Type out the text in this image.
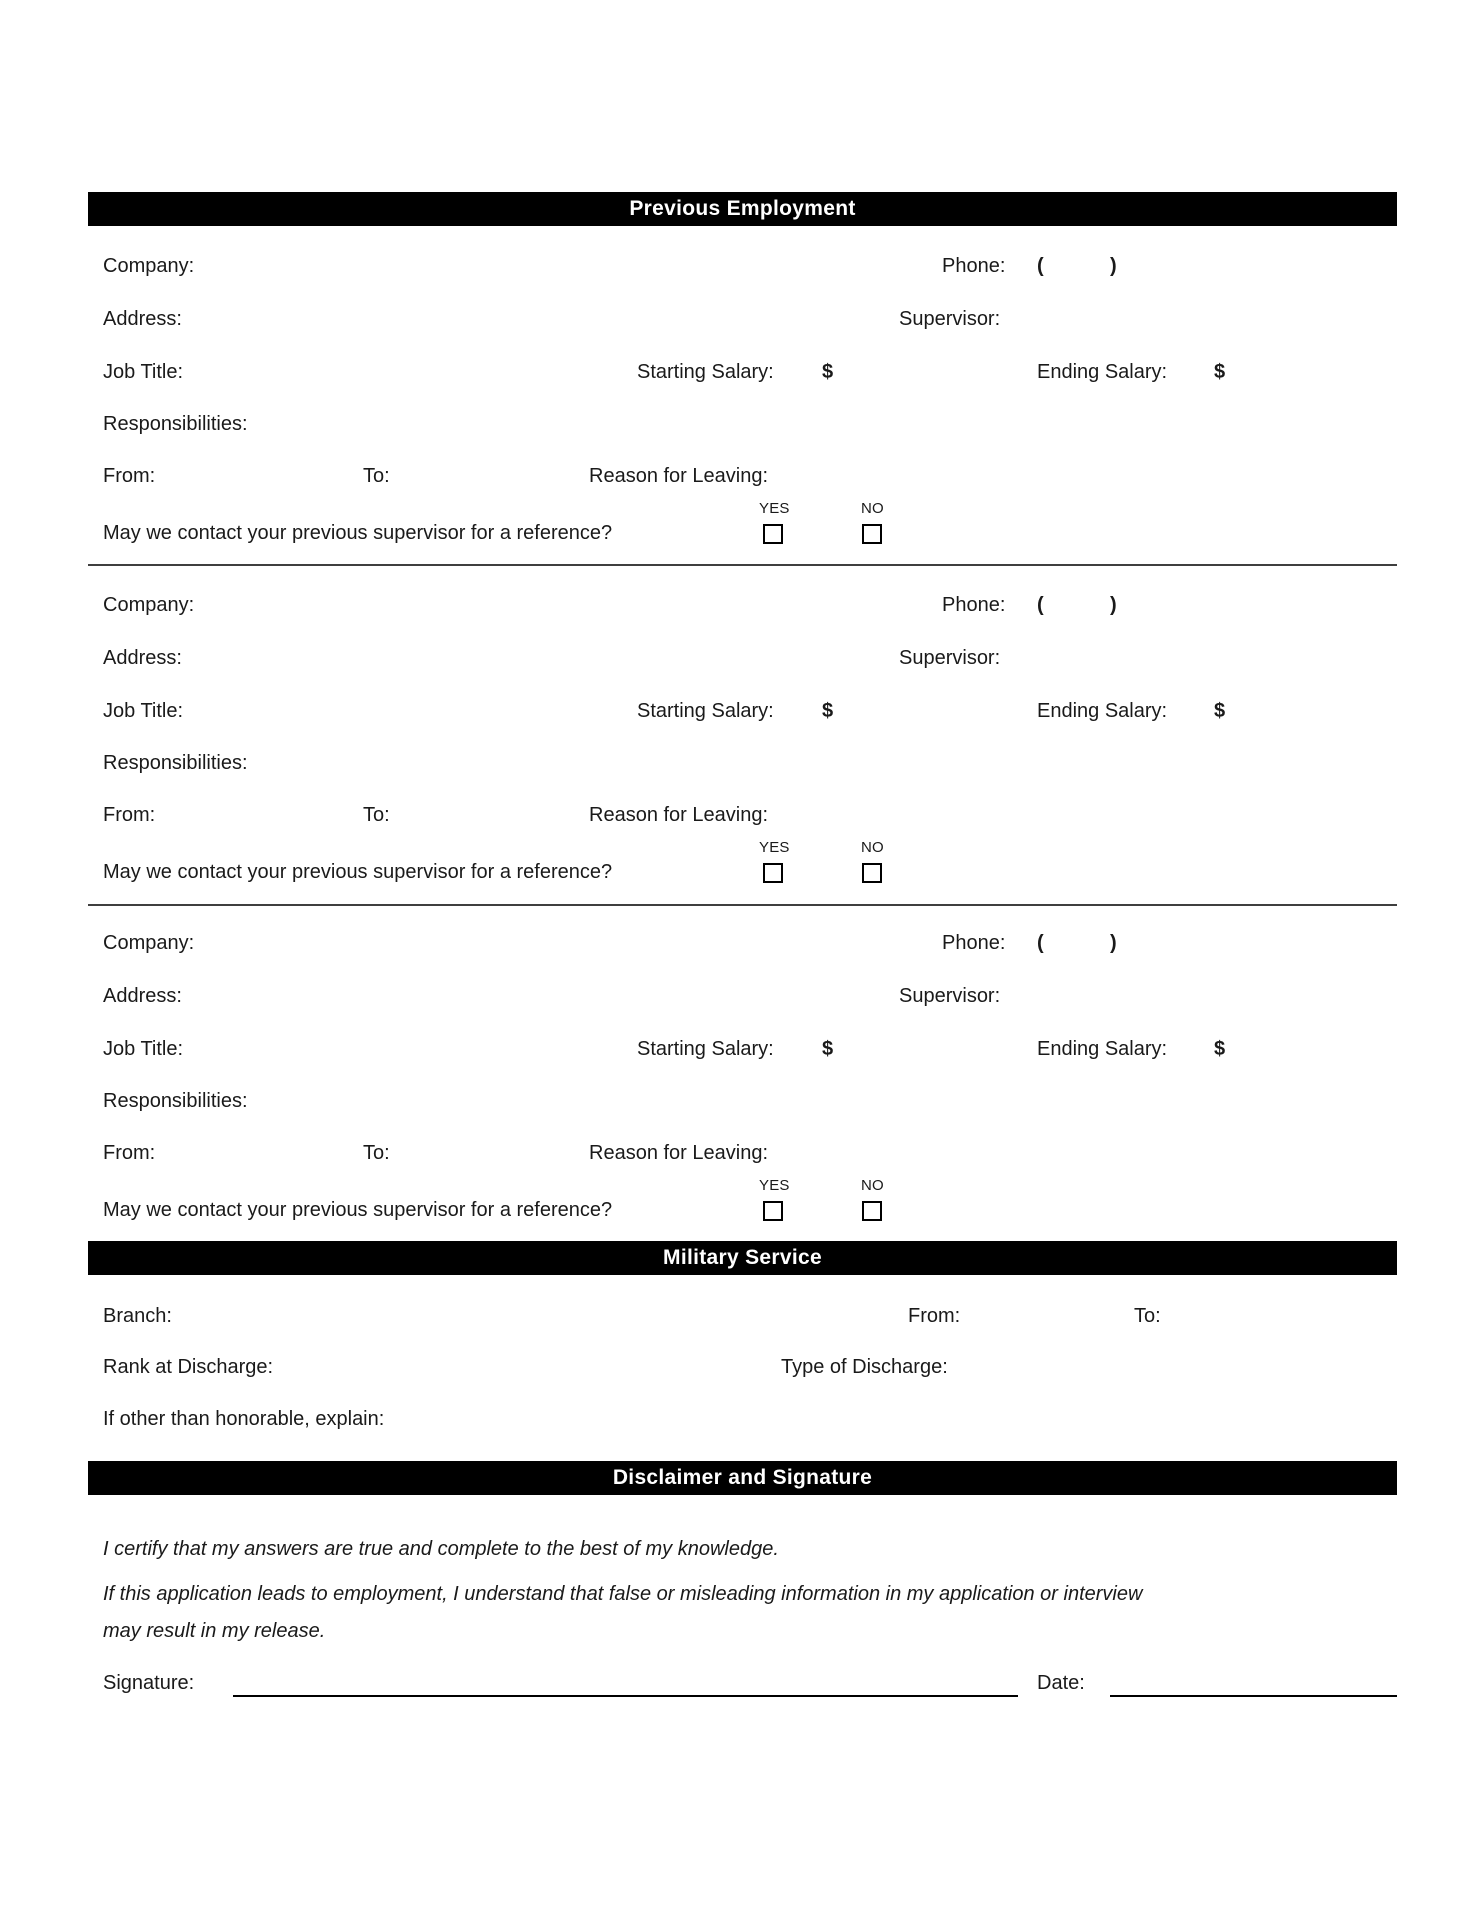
Previous Employment
Company:	Phone: (	)
Address:	Supervisor:
Job Title:	Starting Salary: $	Ending Salary: $
Responsibilities:
From:	To:	Reason for Leaving:
YES	NO
May we contact your previous supervisor for a reference?
Company:	Phone: (	)
Address:	Supervisor:
Job Title:	Starting Salary: $	Ending Salary: $
Responsibilities:
From:	To:	Reason for Leaving:
YES	NO
May we contact your previous supervisor for a reference?
Company:	Phone: (	)
Address:	Supervisor:
Job Title:	Starting Salary: $	Ending Salary: $
Responsibilities:
From:	To:	Reason for Leaving:
YES	NO
May we contact your previous supervisor for a reference?
Military Service
Branch:	From:	To:
Rank at Discharge:	Type of Discharge:
If other than honorable, explain:
Disclaimer and Signature
I certify that my answers are true and complete to the best of my knowledge.
If this application leads to employment, I understand that false or misleading information in my application or interview
may result in my release.
Signature:	Date:
